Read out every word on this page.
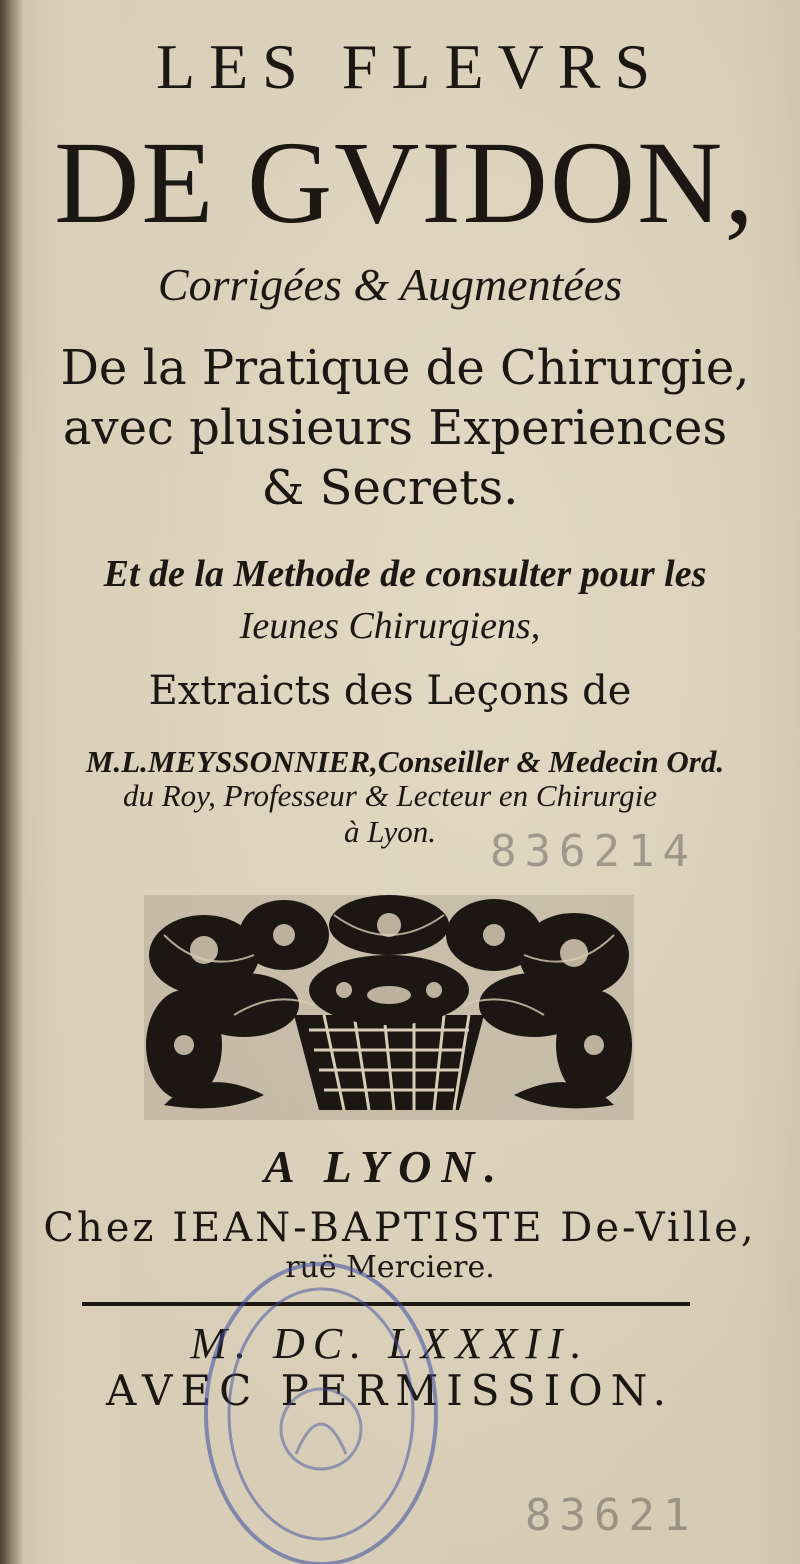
LES FLEVRS
DE GVIDON,
Corrigées & Augmentées
De la Pratique de Chirurgie,
avec plusieurs Experiences
& Secrets.
Et de la Methode de consulter pour les
Ieunes Chirurgiens,
Extraicts des Leçons de
M.L.MEYSSONNIER,Conseiller & Medecin Ord.
du Roy, Professeur & Lecteur en Chirurgie
à Lyon.	836214
A LYON.
Chez IEAN-BAPTISTE De-Ville,
ruë Merciere.
M. DC. LXXXII.
AVEC PERMISSION.
83621
